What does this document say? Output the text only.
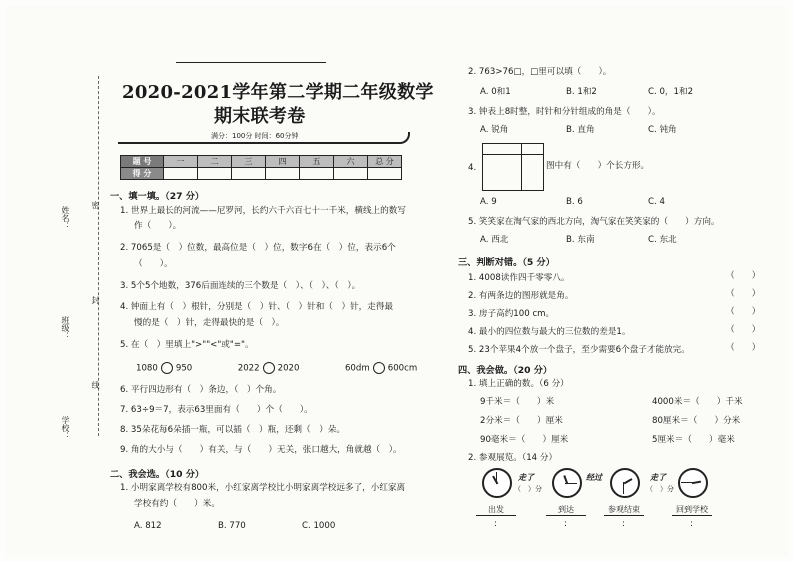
姓名：
班级：
学校：
密
封
线
2020-2021学年第二学期二年级数学
期末联考卷
满分：100分 时间：60分钟
题 号	一	二	三	四	五	六	总 分
得 分							
一、填一填。（27 分）
1. 世界上最长的河流——尼罗河，长约六千六百七十一千米，横线上的数写
作（　　）。
2. 7065是（　）位数，最高位是（　）位，数字6在（　）位，表示6个
（　　）。
3. 5个5个地数，376后面连续的三个数是（　）、（　）、（　）。
4. 钟面上有（　）根针，分别是（　）针、（　）针和（　）针，走得最
慢的是（　）针，走得最快的是（　）。
5. 在（　）里填上">""<"或"="。
1080 950	2022 2020	60dm 600cm
6. 平行四边形有（　）条边，（　）个角。
7. 63÷9＝7，表示63里面有（　　）个（　　）。
8. 35朵花每6朵插一瓶，可以插（　）瓶，还剩（　）朵。
9. 角的大小与（　　）有关，与（　　）无关，张口越大，角就越（　）。
二、我会选。（10 分）
1. 小明家离学校有800米，小红家离学校比小明家离学校远多了，小红家离
学校有约（　　）米。
A. 812	B. 770	C. 1000
2. 763>76□，□里可以填（　　）。
A. 0和1	B. 1和2	C. 0，1和2
3. 钟表上8时整，时针和分针组成的角是（　　）。
A. 锐角	B. 直角	C. 钝角
4.	图中有（　　）个长方形。
A. 9	B. 6	C. 4
5. 笑笑家在淘气家的西北方向，淘气家在笑笑家的（　　）方向。
A. 西北	B. 东南	C. 东北
三、判断对错。（5 分）
1. 4008读作四千零零八。	（　　）
2. 有两条边的图形就是角。	（　　）
3. 房子高约100 cm。	（　　）
4. 最小的四位数与最大的三位数的差是1。	（　　）
5. 23个苹果4个放一个盘子，至少需要6个盘子才能放完。	（　　）
四、我会做。（20 分）
1. 填上正确的数。（6 分）
9千米＝（　　）米	4000米＝（　　）千米
2分米＝（　　）厘米	80厘米＝（　　）分米
90毫米＝（　　）厘米	5厘米＝（　　）毫米
2. 参观展览。（14 分）
走了
（　）分
经过	走了
（　）分
出发	到达	参观结束	回到学校
:	:	:	:
